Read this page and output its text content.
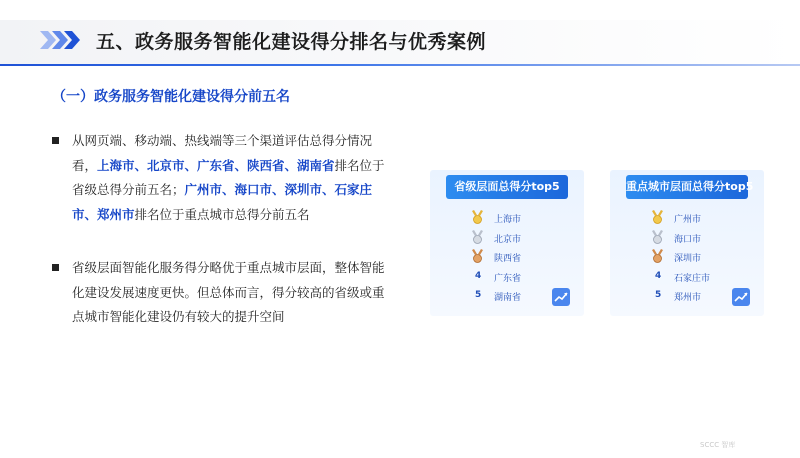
五、政务服务智能化建设得分排名与优秀案例
（一）政务服务智能化建设得分前五名
从网页端、移动端、热线端等三个渠道评估总得分情况看，上海市、北京市、广东省、陕西省、湖南省排名位于省级总得分前五名；广州市、海口市、深圳市、石家庄市、郑州市排名位于重点城市总得分前五名
省级层面智能化服务得分略优于重点城市层面，整体智能化建设发展速度更快。但总体而言，得分较高的省级或重点城市智能化建设仍有较大的提升空间
省级层面总得分top5
上海市
北京市
陕西省
4 广东省
5 湖南省
重点城市层面总得分top5
广州市
海口市
深圳市
4 石家庄市
5 郑州市
SCCC 智库
